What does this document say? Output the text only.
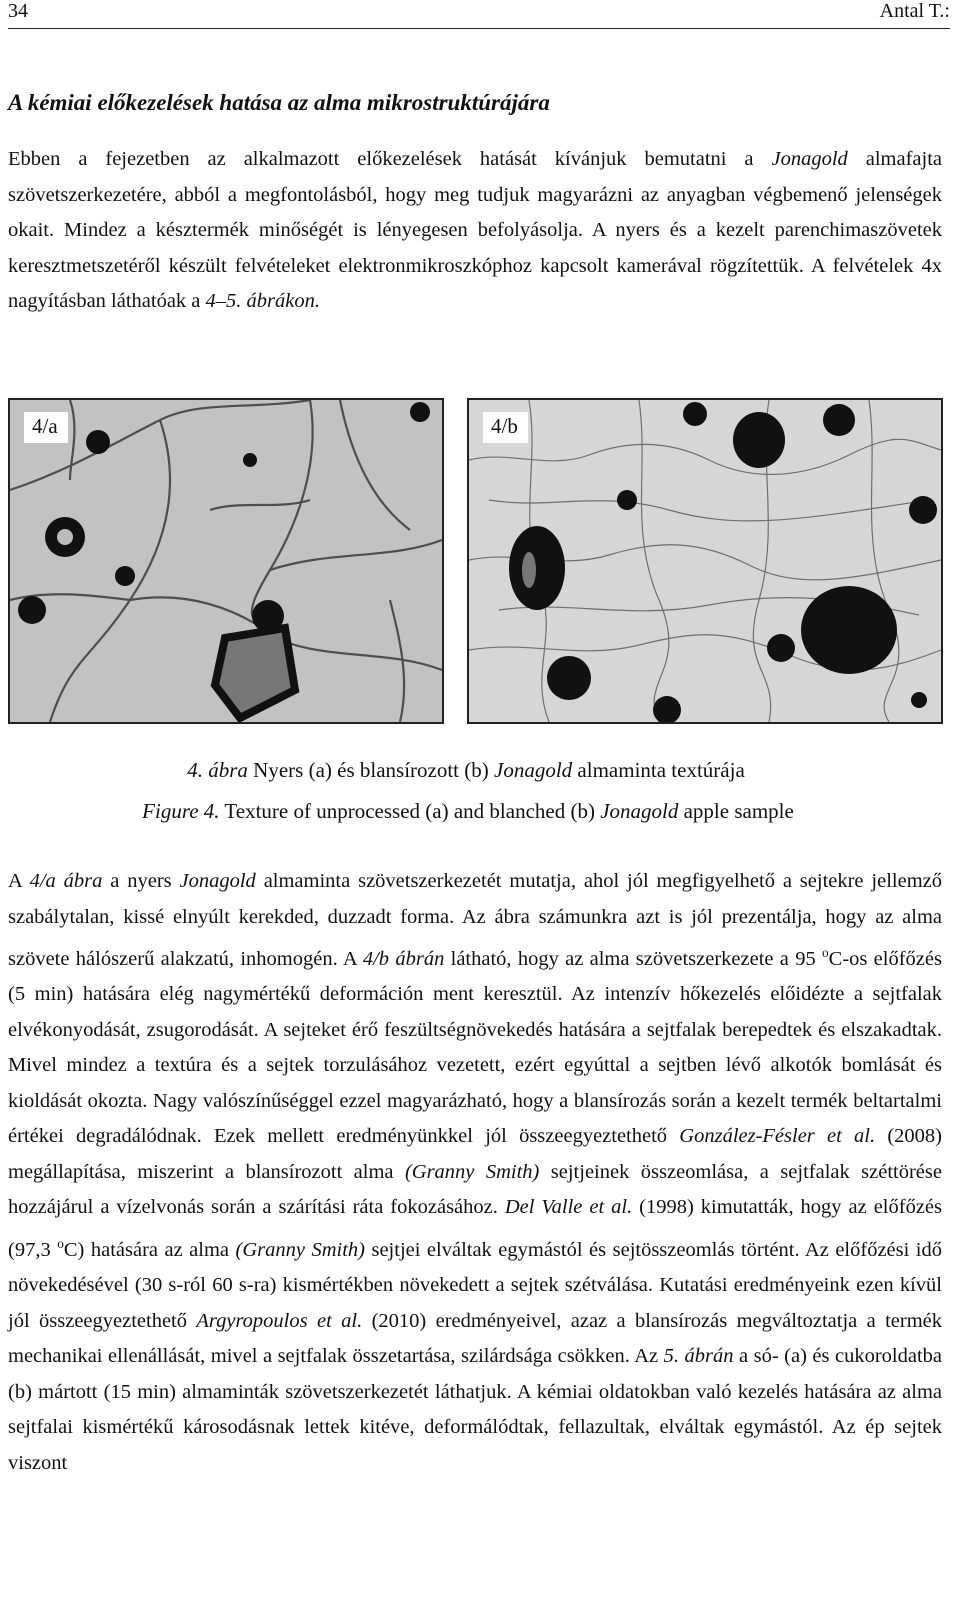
34	Antal T.:
A kémiai előkezelések hatása az alma mikrostruktúrájára

Ebben a fejezetben az alkalmazott előkezelések hatását kívánjuk bemutatni a Jonagold almafajta szövetszerkezetére, abból a megfontolásból, hogy meg tudjuk magyarázni az anyagban végbemenő jelenségek okait. Mindez a késztermék minőségét is lényegesen befolyásolja. A nyers és a kezelt parenchimaszövetek keresztmetszetéről készült felvételeket elektronmikroszkóphoz kapcsolt kamerával rögzítettük. A felvételek 4x nagyításban láthatóak a 4–5. ábrákon.

4/a	4/b

4. ábra Nyers (a) és blansírozott (b) Jonagold almaminta textúrája

Figure 4. Texture of unprocessed (a) and blanched (b) Jonagold apple sample

A 4/a ábra a nyers Jonagold almaminta szövetszerkezetét mutatja, ahol jól megfigyelhető a sejtekre jellemző szabálytalan, kissé elnyúlt kerekded, duzzadt forma. Az ábra számunkra azt is jól prezentálja, hogy az alma szövete hálószerű alakzatú, inhomogén. A 4/b ábrán látható, hogy az alma szövetszerkezete a 95 $^o$C-os előfőzés (5 min) hatására elég nagymértékű deformáción ment keresztül. Az intenzív hőkezelés előidézte a sejtfalak elvékonyodását, zsugorodását. A sejteket érő feszültségnövekedés hatására a sejtfalak berepedtek és elszakadtak. Mivel mindez a textúra és a sejtek torzulásához vezetett, ezért egyúttal a sejtben lévő alkotók bomlását és kioldását okozta. Nagy valószínűséggel ezzel magyarázható, hogy a blansírozás során a kezelt termék beltartalmi értékei degradálódnak. Ezek mellett eredményünkkel jól összeegyeztethető González-Fésler et al. (2008) megállapítása, miszerint a blansírozott alma (Granny Smith) sejtjeinek összeomlása, a sejtfalak széttörése hozzájárul a vízelvonás során a szárítási ráta fokozásához. Del Valle et al. (1998) kimutatták, hogy az előfőzés (97,3 $^o$C) hatására az alma (Granny Smith) sejtjei elváltak egymástól és sejtösszeomlás történt. Az előfőzési idő növekedésével (30 s-ról 60 s-ra) kismértékben növekedett a sejtek szétválása. Kutatási eredményeink ezen kívül jól összeegyeztethető Argyropoulos et al. (2010) eredményeivel, azaz a blansírozás megváltoztatja a termék mechanikai ellenállását, mivel a sejtfalak összetartása, szilárdsága csökken. Az 5. ábrán a só- (a) és cukoroldatba (b) mártott (15 min) almaminták szövetszerkezetét láthatjuk. A kémiai oldatokban való kezelés hatására az alma sejtfalai kismértékű károsodásnak lettek kitéve, deformálódtak, fellazultak, elváltak egymástól. Az ép sejtek viszont
